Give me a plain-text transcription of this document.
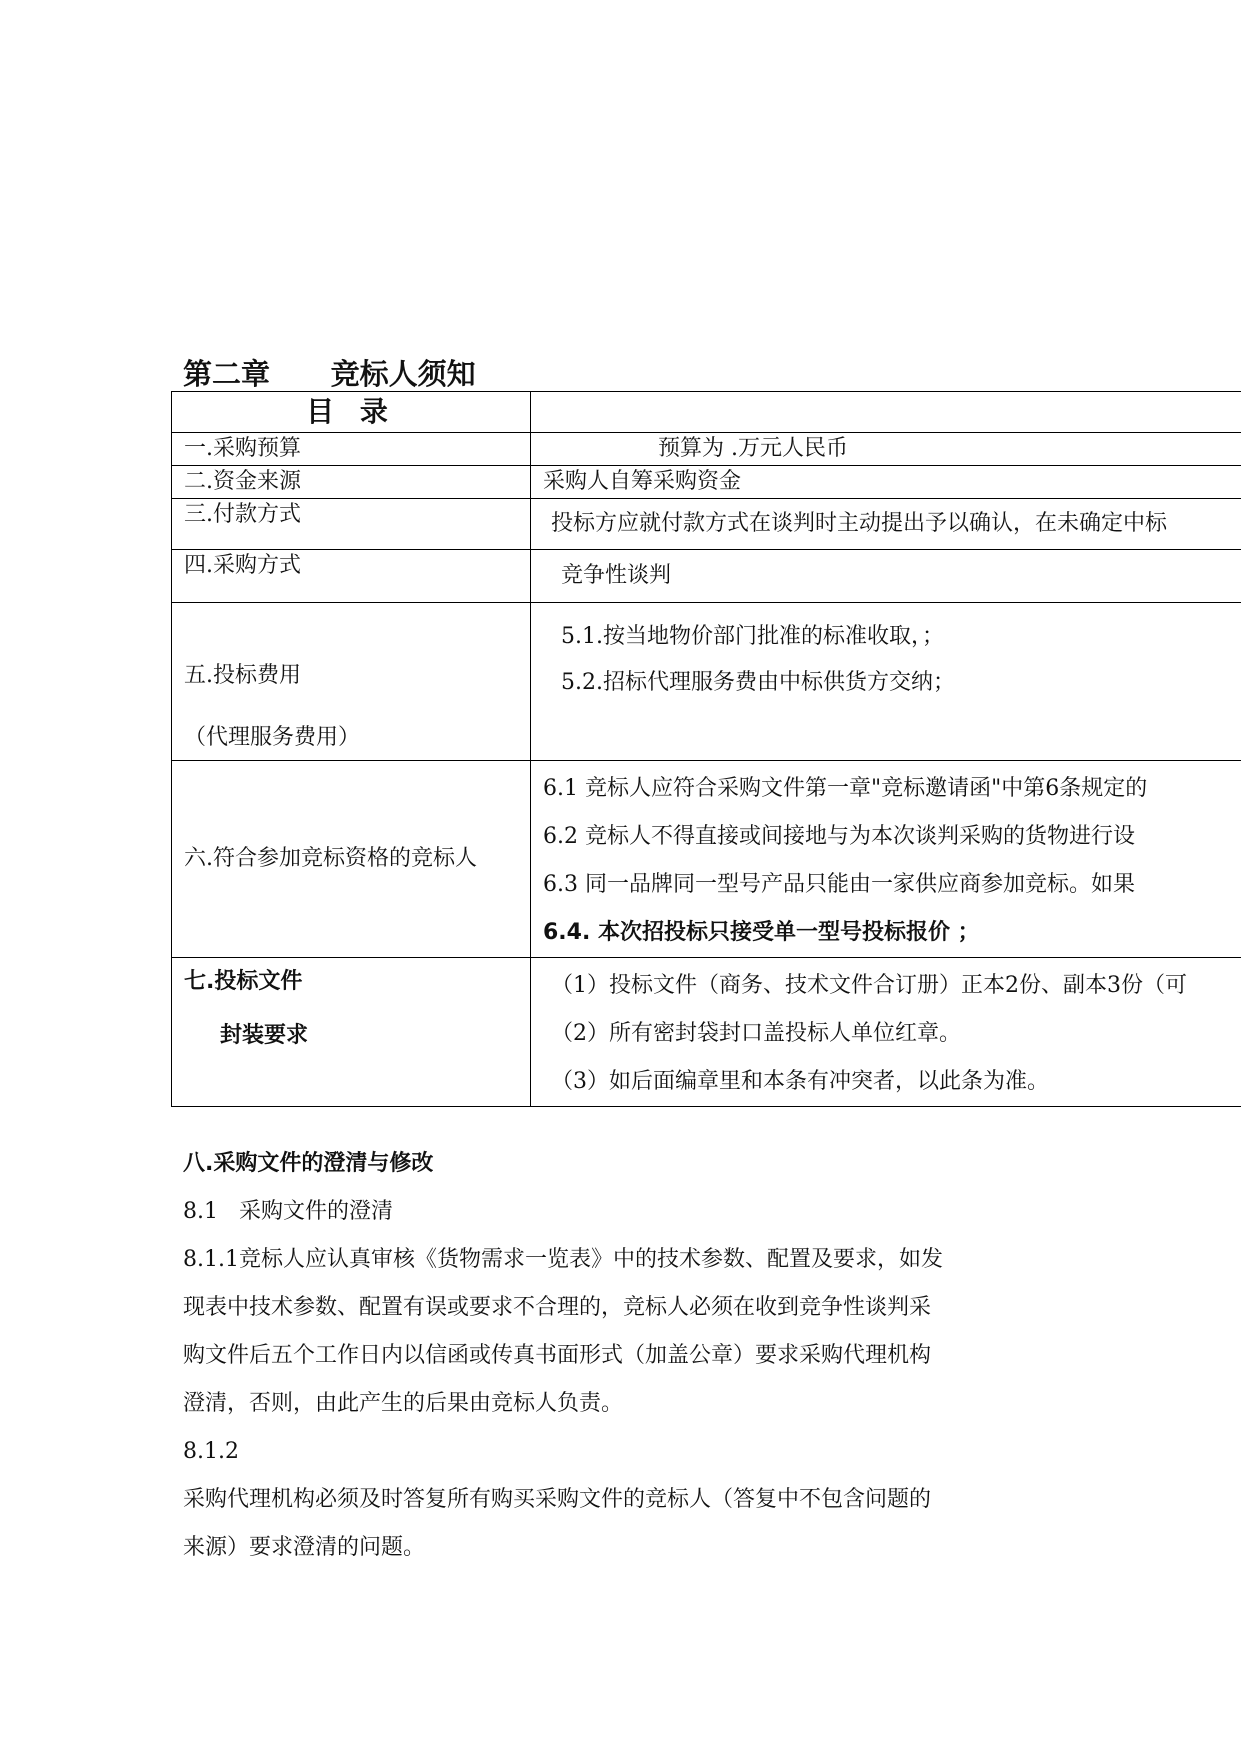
第二章      竞标人须知
目 录	

一.采购预算	预算为 .万元人民币

二.资金来源	采购人自筹采购资金

三.付款方式	投标方应就付款方式在谈判时主动提出予以确认，在未确定中标

四.采购方式	竞争性谈判

五.投标费用
（代理服务费用）	5.1.按当地物价部门批准的标准收取，；
5.2.招标代理服务费由中标供货方交纳；

六.符合参加竞标资格的竞标人	6.1 竞标人应符合采购文件第一章"竞标邀请函"中第6条规定的
6.2 竞标人不得直接或间接地与为本次谈判采购的货物进行设
6.3 同一品牌同一型号产品只能由一家供应商参加竞标。如果
6.4. 本次招投标只接受单一型号投标报价 ；

七.投标文件
封装要求	（1）投标文件（商务、技术文件合订册）正本2份、副本3份（可
（2）所有密封袋封口盖投标人单位红章。
（3）如后面编章里和本条有冲突者，以此条为准。
八.采购文件的澄清与修改
8.1   采购文件的澄清
8.1.1竞标人应认真审核《货物需求一览表》中的技术参数、配置及要求，如发
现表中技术参数、配置有误或要求不合理的，竞标人必须在收到竞争性谈判采
购文件后五个工作日内以信函或传真书面形式（加盖公章）要求采购代理机构
澄清，否则，由此产生的后果由竞标人负责。
8.1.2
采购代理机构必须及时答复所有购买采购文件的竞标人（答复中不包含问题的
来源）要求澄清的问题。
